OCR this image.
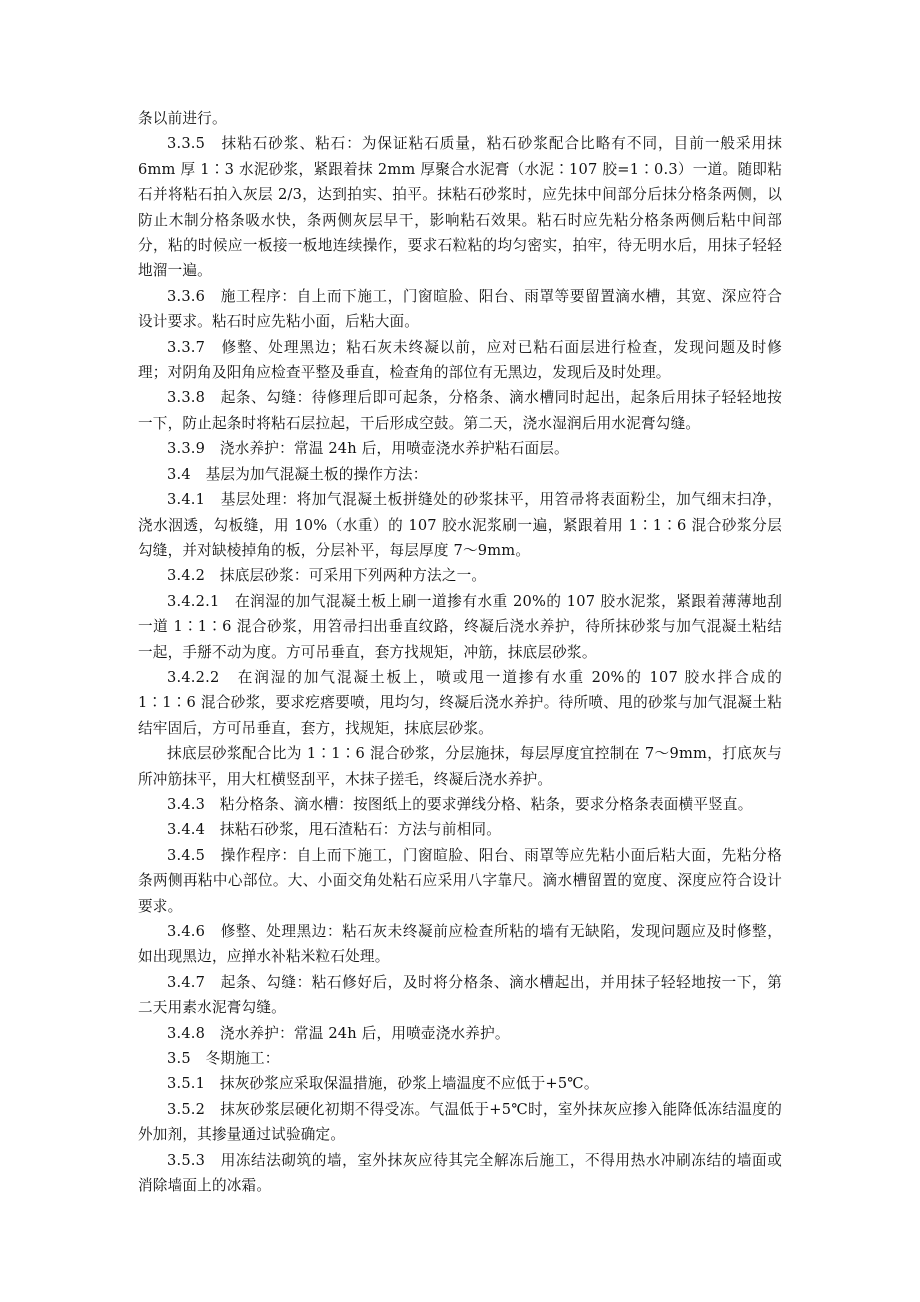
条以前进行。

3.3.5　抹粘石砂浆、粘石：为保证粘石质量，粘石砂浆配合比略有不同，目前一般采用抹 6mm 厚 1∶3 水泥砂浆，紧跟着抹 2mm 厚聚合水泥膏（水泥∶107 胶=1∶0.3）一道。随即粘石并将粘石拍入灰层 2/3，达到拍实、拍平。抹粘石砂浆时，应先抹中间部分后抹分格条两侧，以防止木制分格条吸水快，条两侧灰层早干，影响粘石效果。粘石时应先粘分格条两侧后粘中间部分，粘的时候应一板接一板地连续操作，要求石粒粘的均匀密实，拍牢，待无明水后，用抹子轻轻地溜一遍。

3.3.6　施工程序：自上而下施工，门窗暄脸、阳台、雨罩等要留置滴水槽，其宽、深应符合设计要求。粘石时应先粘小面，后粘大面。

3.3.7　修整、处理黑边；粘石灰未终凝以前，应对已粘石面层进行检查，发现问题及时修理；对阴角及阳角应检查平整及垂直，检查角的部位有无黑边，发现后及时处理。

3.3.8　起条、勾缝：待修理后即可起条，分格条、滴水槽同时起出，起条后用抹子轻轻地按一下，防止起条时将粘石层拉起，干后形成空鼓。第二天，浇水湿润后用水泥膏勾缝。

3.3.9　浇水养护：常温 24h 后，用喷壶浇水养护粘石面层。

3.4　基层为加气混凝土板的操作方法：

3.4.1　基层处理：将加气混凝土板拼缝处的砂浆抹平，用笤帚将表面粉尘，加气细末扫净，浇水洇透，勾板缝，用 10%（水重）的 107 胶水泥浆刷一遍，紧跟着用 1∶1∶6 混合砂浆分层勾缝，并对缺棱掉角的板，分层补平，每层厚度 7～9mm。

3.4.2　抹底层砂浆：可采用下列两种方法之一。

3.4.2.1　在润湿的加气混凝土板上刷一道掺有水重 20%的 107 胶水泥浆，紧跟着薄薄地刮一道 1∶1∶6 混合砂浆，用笤帚扫出垂直纹路，终凝后浇水养护，待所抹砂浆与加气混凝土粘结一起，手掰不动为度。方可吊垂直，套方找规矩，冲筋，抹底层砂浆。

3.4.2.2　在润湿的加气混凝土板上，喷或甩一道掺有水重 20%的 107 胶水拌合成的 1∶1∶6 混合砂浆，要求疙瘩要喷，甩均匀，终凝后浇水养护。待所喷、甩的砂浆与加气混凝土粘结牢固后，方可吊垂直，套方，找规矩，抹底层砂浆。

抹底层砂浆配合比为 1∶1∶6 混合砂浆，分层施抹，每层厚度宜控制在 7～9mm，打底灰与所冲筋抹平，用大杠横竖刮平，木抹子搓毛，终凝后浇水养护。

3.4.3　粘分格条、滴水槽：按图纸上的要求弹线分格、粘条，要求分格条表面横平竖直。

3.4.4　抹粘石砂浆，甩石渣粘石：方法与前相同。

3.4.5　操作程序：自上而下施工，门窗暄脸、阳台、雨罩等应先粘小面后粘大面，先粘分格条两侧再粘中心部位。大、小面交角处粘石应采用八字靠尺。滴水槽留置的宽度、深度应符合设计要求。

3.4.6　修整、处理黑边：粘石灰未终凝前应检查所粘的墙有无缺陷，发现问题应及时修整，如出现黑边，应掸水补粘米粒石处理。

3.4.7　起条、勾缝：粘石修好后，及时将分格条、滴水槽起出，并用抹子轻轻地按一下，第二天用素水泥膏勾缝。

3.4.8　浇水养护：常温 24h 后，用喷壶浇水养护。

3.5　冬期施工：

3.5.1　抹灰砂浆应采取保温措施，砂浆上墙温度不应低于+5℃。

3.5.2　抹灰砂浆层硬化初期不得受冻。气温低于+5℃时，室外抹灰应掺入能降低冻结温度的外加剂，其掺量通过试验确定。

3.5.3　用冻结法砌筑的墙，室外抹灰应待其完全解冻后施工，不得用热水冲刷冻结的墙面或消除墙面上的冰霜。
